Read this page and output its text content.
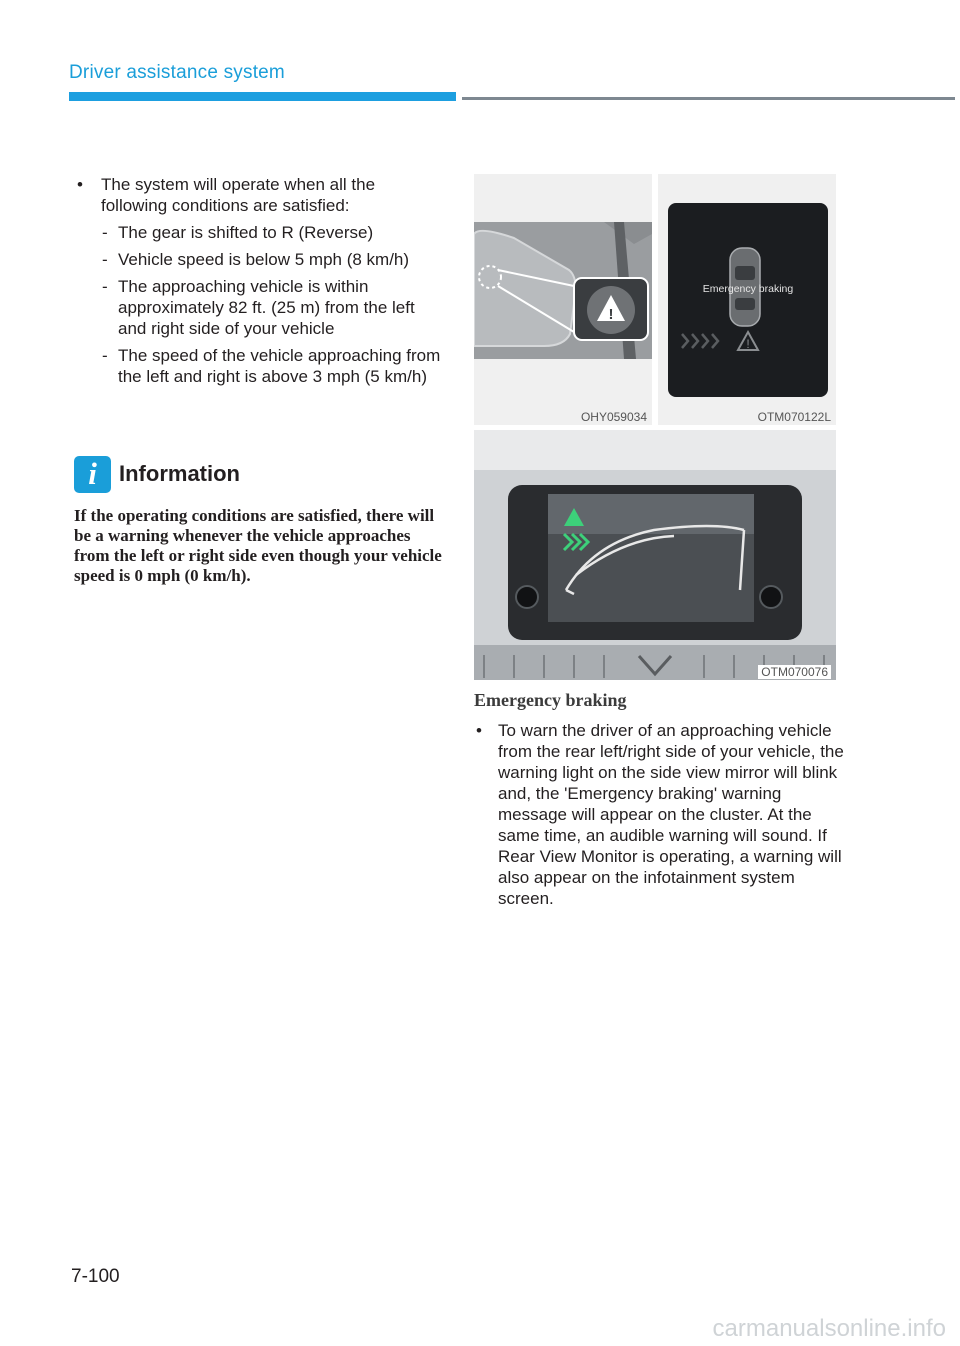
Driver assistance system
• The system will operate when all the following conditions are satisfied:
- The gear is shifted to R (Reverse)
- Vehicle speed is below 5 mph (8 km/h)
- The approaching vehicle is within approximately 82 ft. (25 m) from the left and right side of your vehicle
- The speed of the vehicle approaching from the left and right is above 3 mph (5 km/h)
i	Information
If the operating conditions are satisfied, there will be a warning whenever the vehicle approaches from the left or right side even though your vehicle speed is 0 mph (0 km/h).
!
OHY059034
!
Emergency braking
OTM070122L
OTM070076
Emergency braking
• To warn the driver of an approaching vehicle from the rear left/right side of your vehicle, the warning light on the side view mirror will blink and, the 'Emergency braking' warning message will appear on the cluster. At the same time, an audible warning will sound. If Rear View Monitor is operating, a warning will also appear on the infotainment system screen.
7-100
carmanualsonline.info
